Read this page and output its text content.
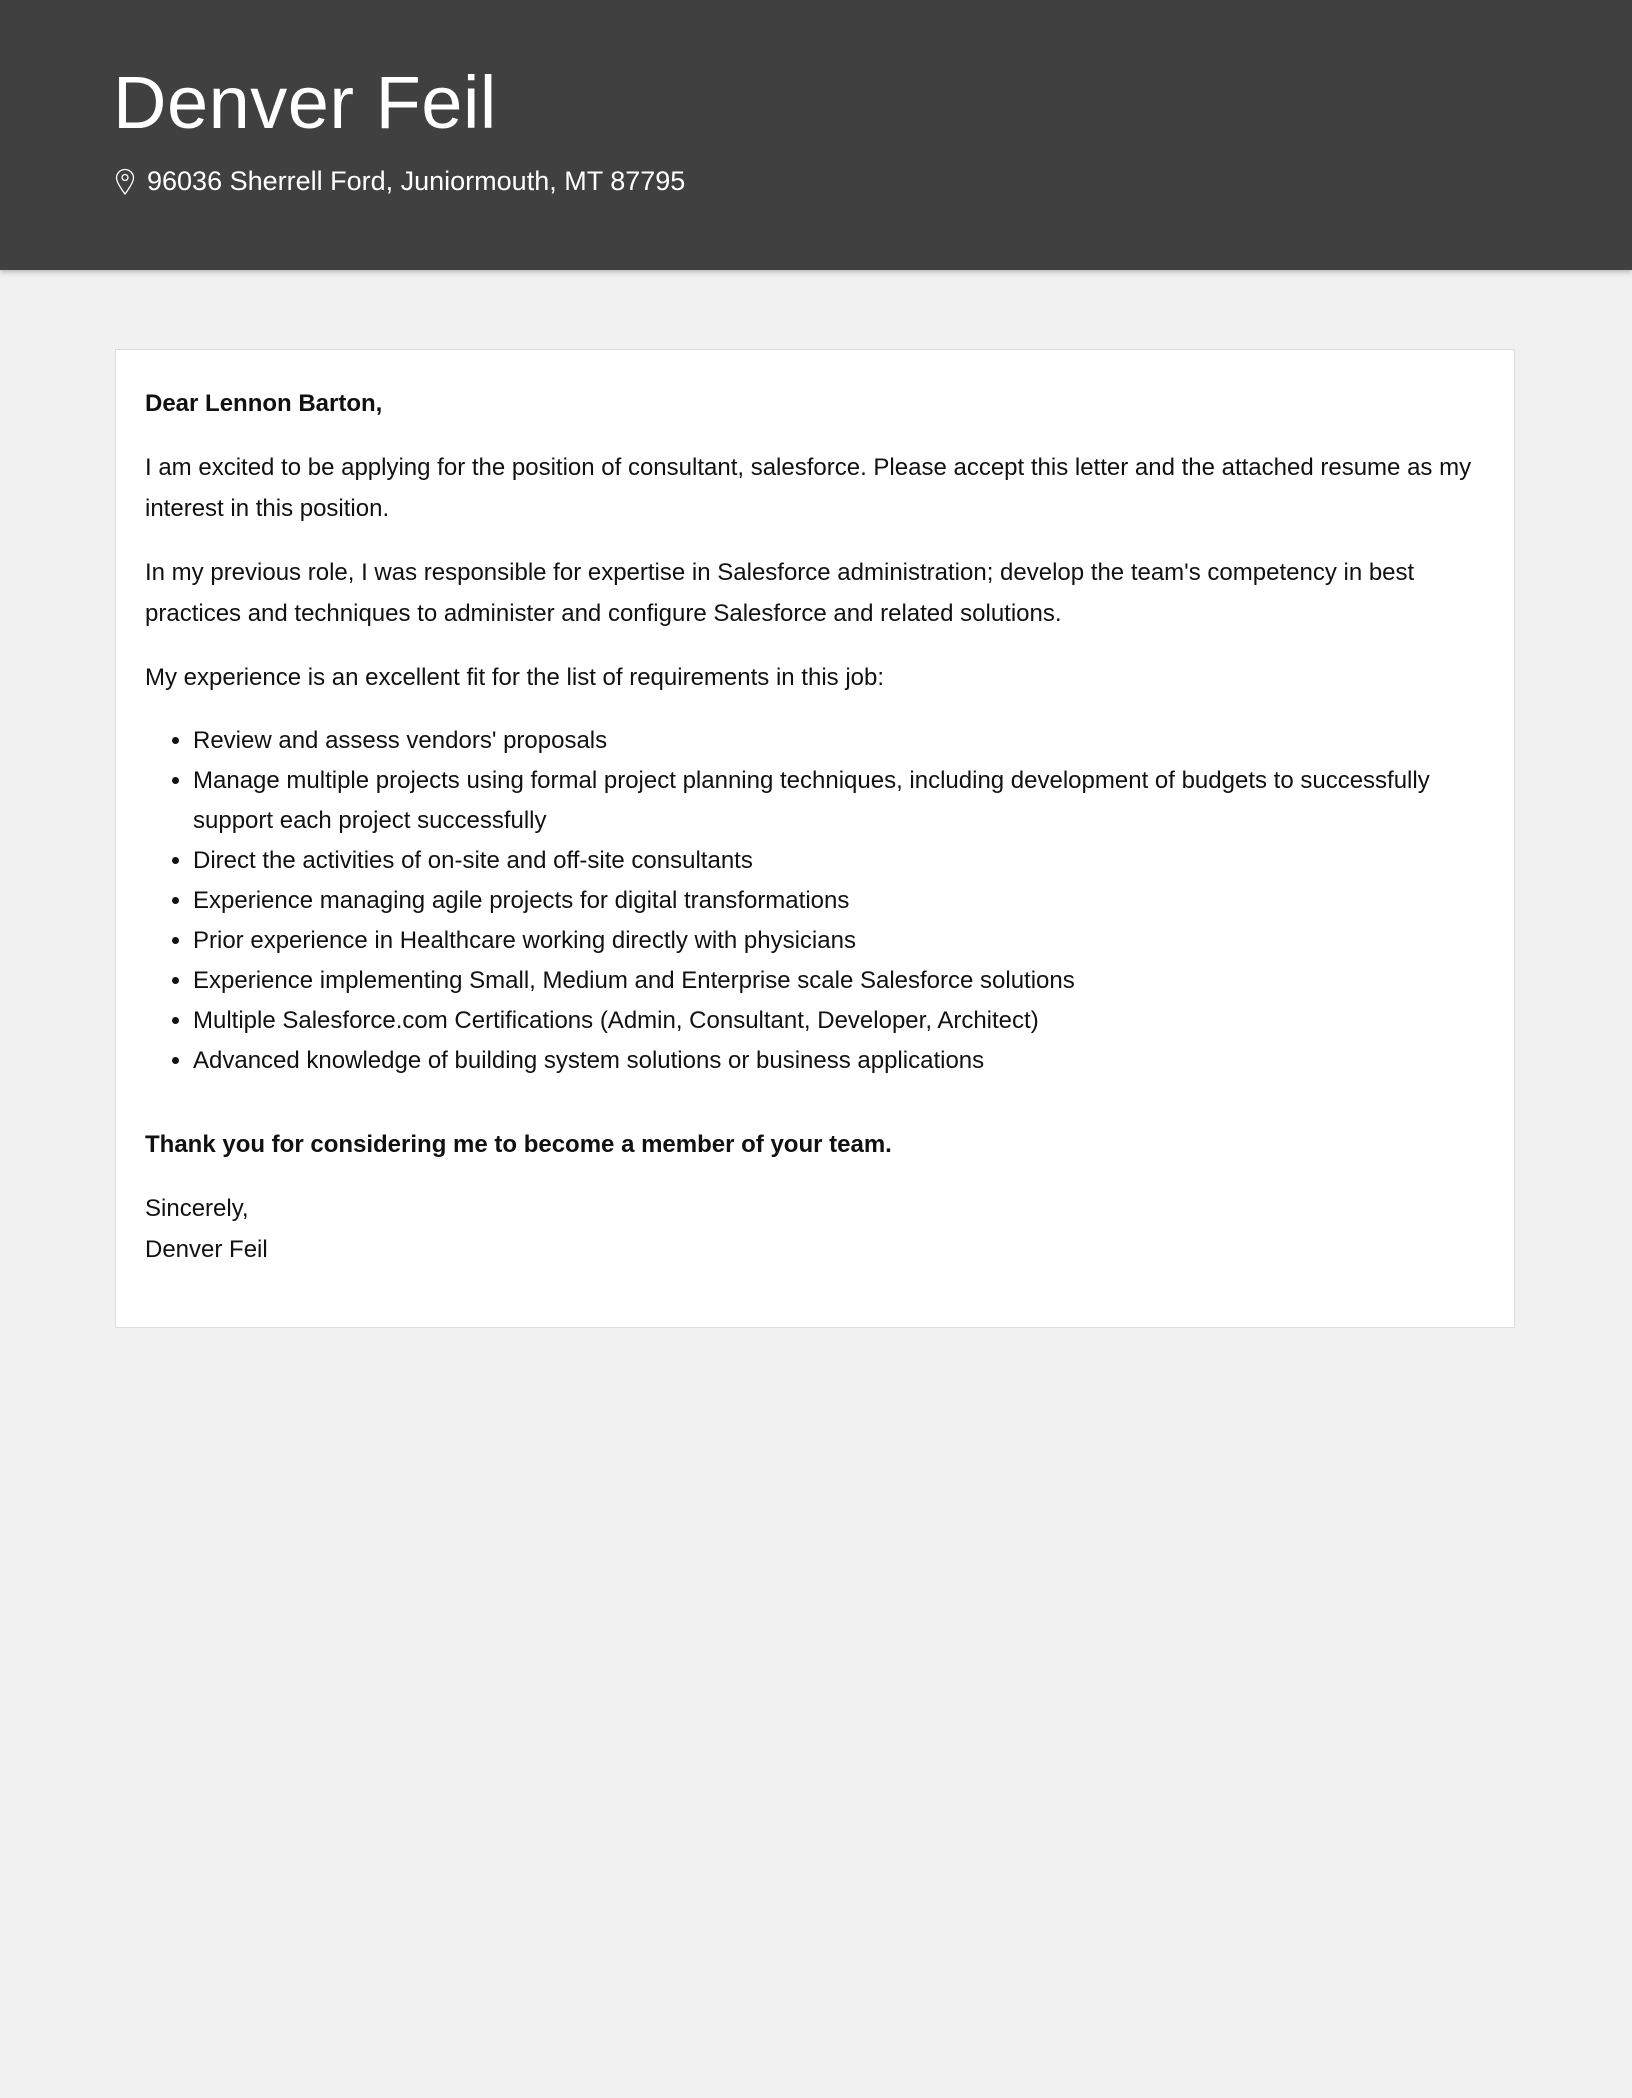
Denver Feil
96036 Sherrell Ford, Juniormouth, MT 87795

Dear Lennon Barton,

I am excited to be applying for the position of consultant, salesforce. Please accept this letter and the attached resume as my interest in this position.

In my previous role, I was responsible for expertise in Salesforce administration; develop the team's competency in best practices and techniques to administer and configure Salesforce and related solutions.

My experience is an excellent fit for the list of requirements in this job:

• Review and assess vendors' proposals
• Manage multiple projects using formal project planning techniques, including development of budgets to successfully support each project successfully
• Direct the activities of on-site and off-site consultants
• Experience managing agile projects for digital transformations
• Prior experience in Healthcare working directly with physicians
• Experience implementing Small, Medium and Enterprise scale Salesforce solutions
• Multiple Salesforce.com Certifications (Admin, Consultant, Developer, Architect)
• Advanced knowledge of building system solutions or business applications

Thank you for considering me to become a member of your team.

Sincerely,

Denver Feil
